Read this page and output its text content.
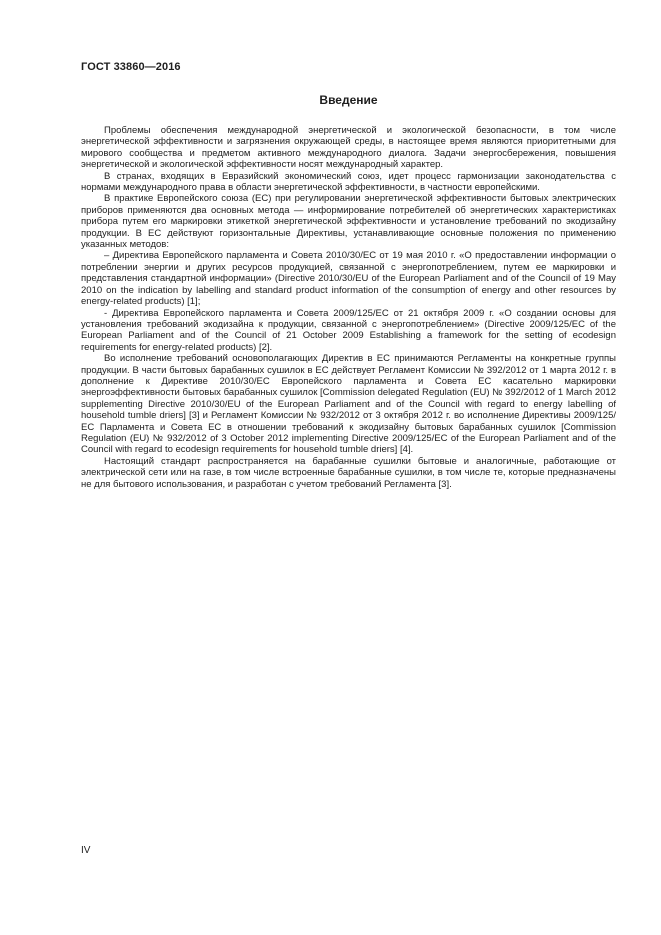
ГОСТ 33860—2016
Введение

Проблемы обеспечения международной энергетической и экологической безопасности, в том числе энергетической эффективности и загрязнения окружающей среды, в настоящее время являются приоритетными для мирового сообщества и предметом активного международного диалога. Задачи энергосбережения, повышения энергетической и экологической эффективности носят международный характер.

В странах, входящих в Евразийский экономический союз, идет процесс гармонизации законодательства с нормами международного права в области энергетической эффективности, в частности европейскими.

В практике Европейского союза (ЕС) при регулировании энергетической эффективности бытовых электрических приборов применяются два основных метода — информирование потребителей об энергетических характеристиках прибора путем его маркировки этикеткой энергетической эффективности и установление требований по экодизайну продукции. В ЕС действуют горизонтальные Директивы, устанавливающие основные положения по применению указанных методов:

– Директива Европейского парламента и Совета 2010/30/ЕС от 19 мая 2010 г. «О предоставлении информации о потреблении энергии и других ресурсов продукцией, связанной с энергопотреблением, путем ее маркировки и представления стандартной информации» (Directive 2010/30/EU of the European Parliament and of the Council of 19 May 2010 on the indication by labelling and standard product information of the consumption of energy and other resources by energy-related products) [1];

- Директива Европейского парламента и Совета 2009/125/ЕС от 21 октября 2009 г. «О создании основы для установления требований экодизайна к продукции, связанной с энергопотреблением» (Directive 2009/125/EC of the European Parliament and of the Council of 21 October 2009 Establishing a framework for the setting of ecodesign requirements for energy-related products) [2].

Во исполнение требований основополагающих Директив в ЕС принимаются Регламенты на конкретные группы продукции. В части бытовых барабанных сушилок в ЕС действует Регламент Комиссии № 392/2012 от 1 марта 2012 г. в дополнение к Директиве 2010/30/ЕС Европейского парламента и Совета ЕС касательно маркировки энергоэффективности бытовых барабанных сушилок [Commission delegated Regulation (EU) № 392/2012 of 1 March 2012 supplementing Directive 2010/30/EU of the European Parliament and of the Council with regard to energy labelling of household tumble driers] [3] и Регламент Комиссии № 932/2012 от 3 октября 2012 г. во исполнение Директивы 2009/125/ЕС Парламента и Совета ЕС в отношении требований к экодизайну бытовых барабанных сушилок [Commission Regulation (EU) № 932/2012 of 3 October 2012 implementing Directive 2009/125/EC of the European Parliament and of the Council with regard to ecodesign requirements for household tumble driers] [4].

Настоящий стандарт распространяется на барабанные сушилки бытовые и аналогичные, работающие от электрической сети или на газе, в том числе встроенные барабанные сушилки, в том числе те, которые предназначены не для бытового использования, и разработан с учетом требований Регламента [3].

IV
